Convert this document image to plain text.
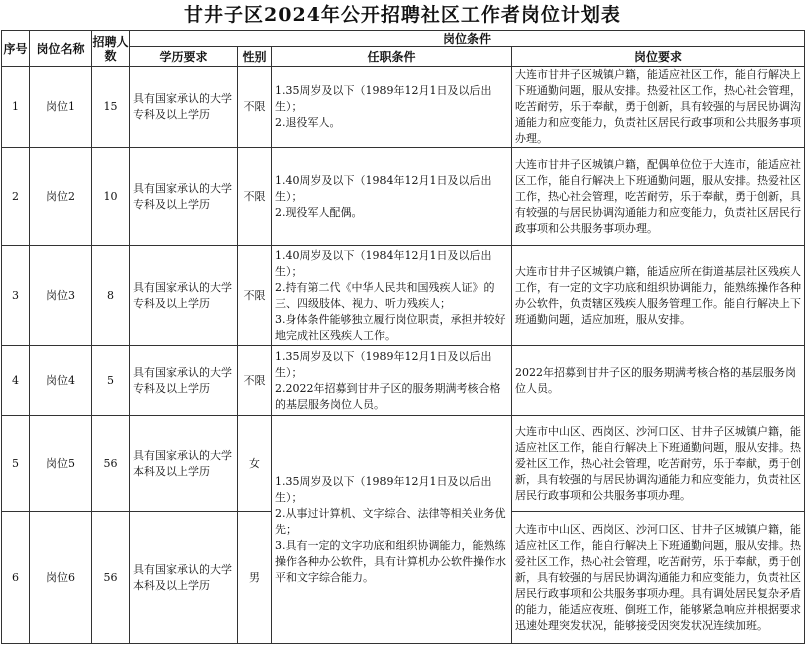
甘井子区2024年公开招聘社区工作者岗位计划表
序号	岗位名称	招聘人数	岗位条件			
			学历要求	性别	任职条件	岗位要求
1	岗位1	15	具有国家承认的大学专科及以上学历	不限	1.35周岁及以下（1989年12月1日及以后出生）；
2.退役军人。	大连市甘井子区城镇户籍，能适应社区工作，能自行解决上下班通勤问题，服从安排。热爱社区工作，热心社会管理，吃苦耐劳，乐于奉献，勇于创新，具有较强的与居民协调沟通能力和应变能力，负责社区居民行政事项和公共服务事项办理。
2	岗位2	10	具有国家承认的大学专科及以上学历	不限	1.40周岁及以下（1984年12月1日及以后出生）；
2.现役军人配偶。	大连市甘井子区城镇户籍，配偶单位位于大连市，能适应社区工作，能自行解决上下班通勤问题，服从安排。热爱社区工作，热心社会管理，吃苦耐劳，乐于奉献，勇于创新，具有较强的与居民协调沟通能力和应变能力，负责社区居民行政事项和公共服务事项办理。
3	岗位3	8	具有国家承认的大学专科及以上学历	不限	1.40周岁及以下（1984年12月1日及以后出生）；
2.持有第二代《中华人民共和国残疾人证》的三、四级肢体、视力、听力残疾人；
3.身体条件能够独立履行岗位职责，承担并较好地完成社区残疾人工作。	大连市甘井子区城镇户籍，能适应所在街道基层社区残疾人工作，有一定的文字功底和组织协调能力，能熟练操作各种办公软件，负责辖区残疾人服务管理工作。能自行解决上下班通勤问题，适应加班，服从安排。
4	岗位4	5	具有国家承认的大学专科及以上学历	不限	1.35周岁及以下（1989年12月1日及以后出生）；
2.2022年招募到甘井子区的服务期满考核合格的基层服务岗位人员。	2022年招募到甘井子区的服务期满考核合格的基层服务岗位人员。
5	岗位5	56	具有国家承认的大学本科及以上学历	女	1.35周岁及以下（1989年12月1日及以后出生）；
2.从事过计算机、文字综合、法律等相关业务优先；
3.具有一定的文字功底和组织协调能力，能熟练操作各种办公软件，具有计算机办公软件操作水平和文字综合能力。	大连市中山区、西岗区、沙河口区、甘井子区城镇户籍，能适应社区工作，能自行解决上下班通勤问题，服从安排。热爱社区工作，热心社会管理，吃苦耐劳，乐于奉献，勇于创新，具有较强的与居民协调沟通能力和应变能力，负责社区居民行政事项和公共服务事项办理。
6	岗位6	56	具有国家承认的大学本科及以上学历	男		大连市中山区、西岗区、沙河口区、甘井子区城镇户籍，能适应社区工作，能自行解决上下班通勤问题，服从安排。热爱社区工作，热心社会管理，吃苦耐劳，乐于奉献，勇于创新，具有较强的与居民协调沟通能力和应变能力，负责社区居民行政事项和公共服务事项办理。具有调处居民复杂矛盾的能力，能适应夜班、倒班工作，能够紧急响应并根据要求迅速处理突发状况，能够接受因突发状况连续加班。
